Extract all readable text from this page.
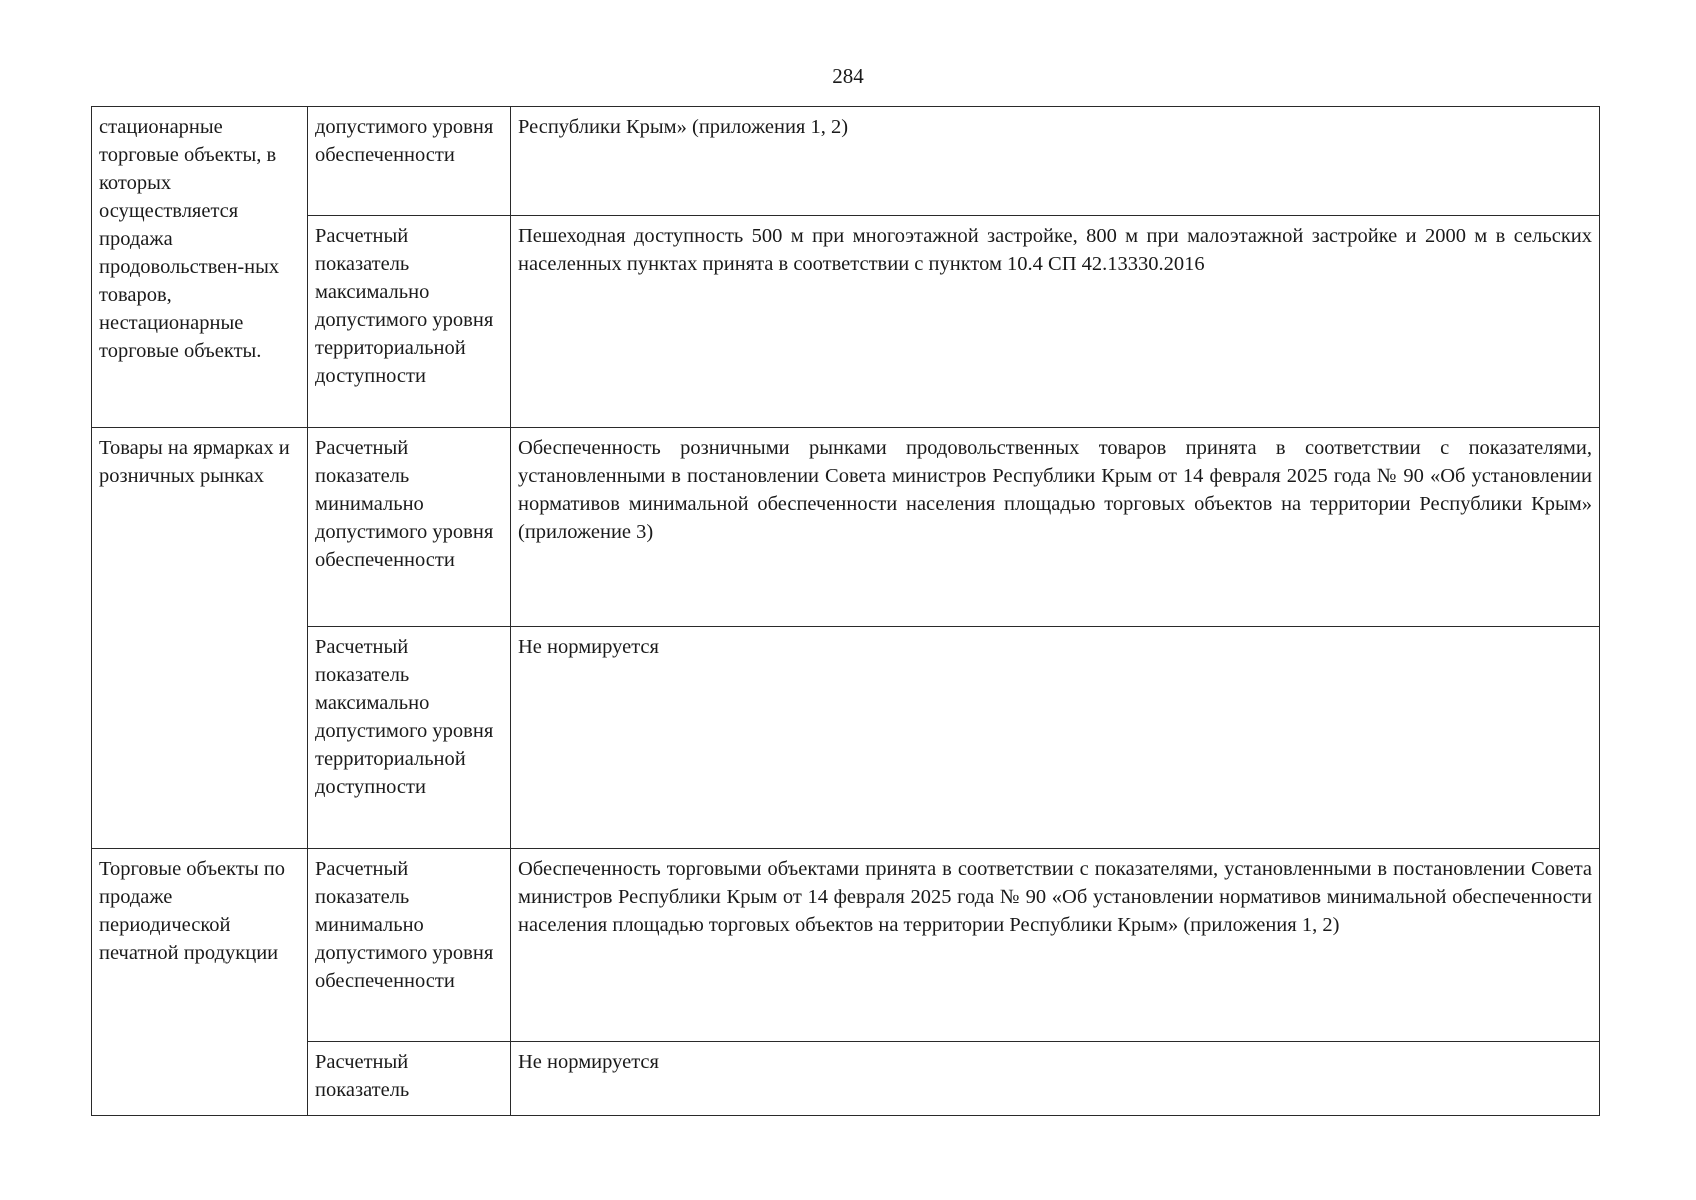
284
стационарные торговые объекты, в которых осуществляется продажа продовольствен-ных товаров, нестационарные торговые объекты.	допустимого уровня обеспеченности	Республики Крым» (приложения 1, 2)
	Расчетный показатель максимально допустимого уровня территориальной доступности	Пешеходная доступность 500 м при многоэтажной застройке, 800 м при малоэтажной застройке и 2000 м в сельских населенных пунктах принята в соответствии с пунктом 10.4 СП 42.13330.2016
Товары на ярмарках и розничных рынках	Расчетный показатель минимально допустимого уровня обеспеченности	Обеспеченность розничными рынками продовольственных товаров принята в соответствии с показателями, установленными в постановлении Совета министров Республики Крым от 14 февраля 2025 года № 90 «Об установлении нормативов минимальной обеспеченности населения площадью торговых объектов на территории Республики Крым» (приложение 3)
	Расчетный показатель максимально допустимого уровня территориальной доступности	Не нормируется
Торговые объекты по продаже периодической печатной продукции	Расчетный показатель минимально допустимого уровня обеспеченности	Обеспеченность торговыми объектами принята в соответствии с показателями, установленными в постановлении Совета министров Республики Крым от 14 февраля 2025 года № 90 «Об установлении нормативов минимальной обеспеченности населения площадью торговых объектов на территории Республики Крым» (приложения 1, 2)
	Расчетный показатель	Не нормируется
